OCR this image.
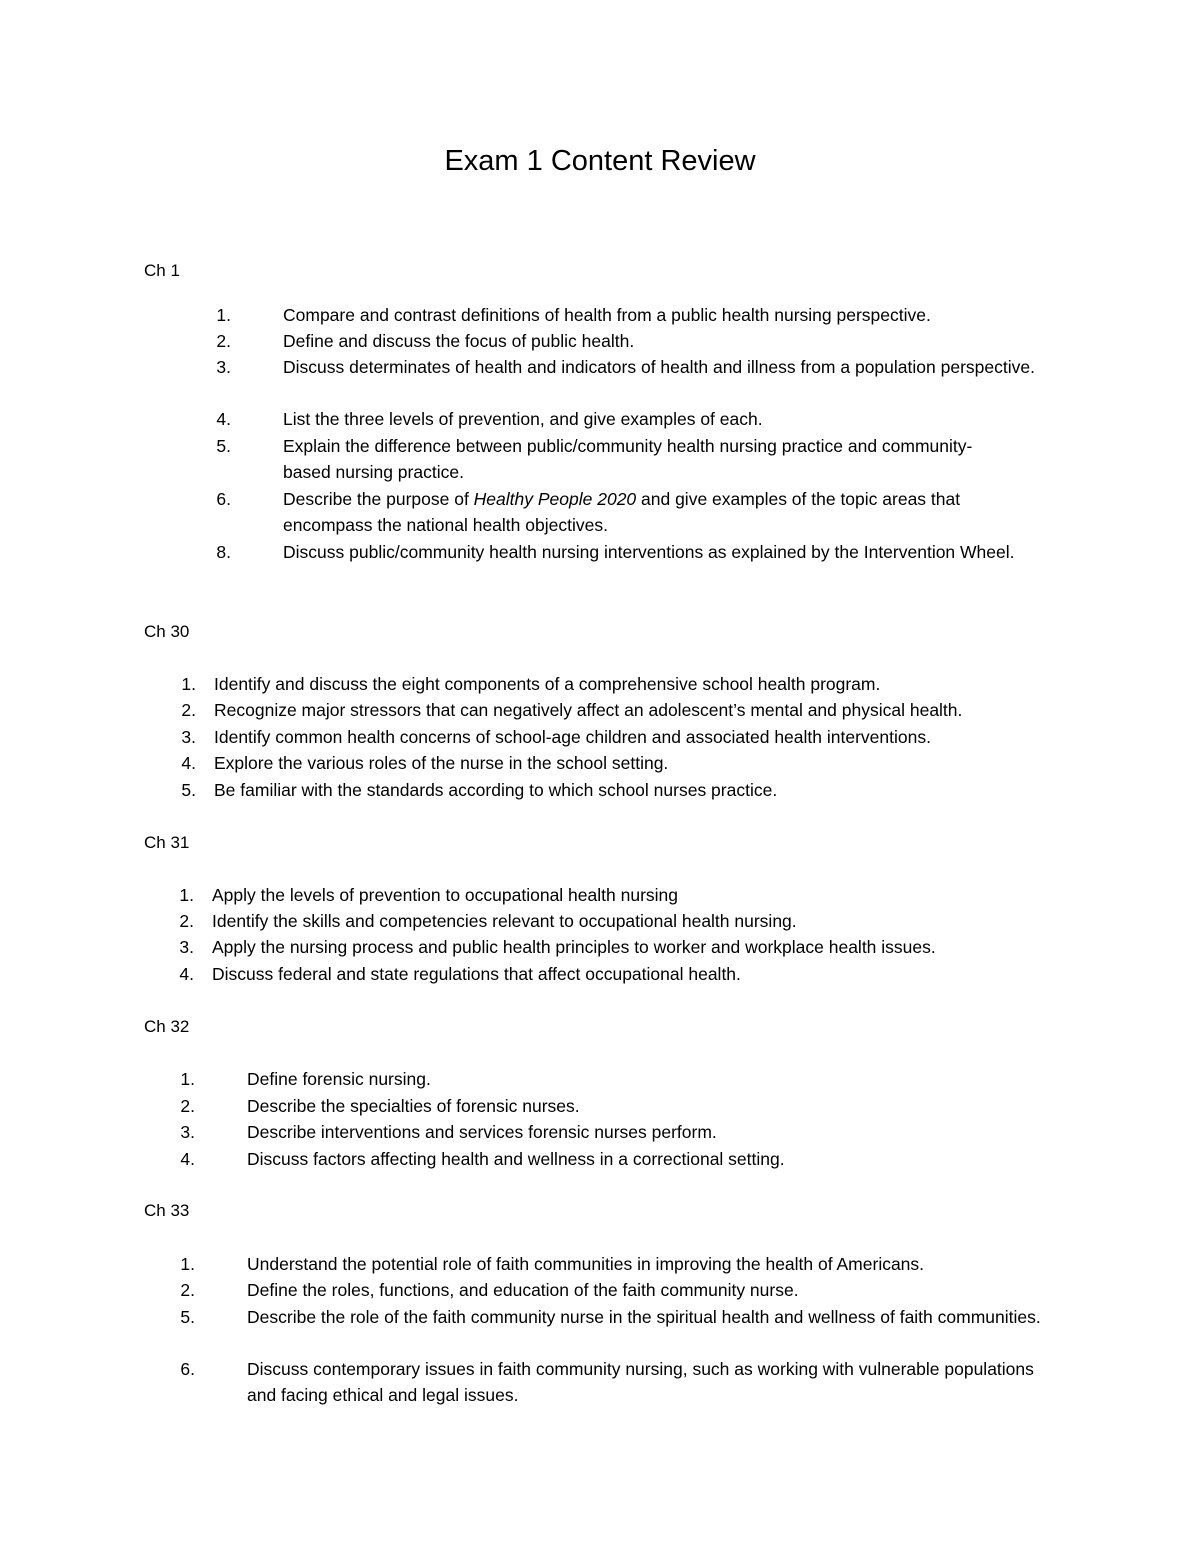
Exam 1 Content Review
Ch 1
1.	Compare and contrast definitions of health from a public health nursing perspective.
2.	Define and discuss the focus of public health.
3.	Discuss determinates of health and indicators of health and illness from a population perspective.
4.	List the three levels of prevention, and give examples of each.
5.	Explain the difference between public/community health nursing practice and community-based nursing practice.
6.	Describe the purpose of Healthy People 2020 and give examples of the topic areas that encompass the national health objectives.
8.	Discuss public/community health nursing interventions as explained by the Intervention Wheel.
Ch 30
1. Identify and discuss the eight components of a comprehensive school health program.
2. Recognize major stressors that can negatively affect an adolescent’s mental and physical health.
3. Identify common health concerns of school-age children and associated health interventions.
4. Explore the various roles of the nurse in the school setting.
5. Be familiar with the standards according to which school nurses practice.
Ch 31
1. Apply the levels of prevention to occupational health nursing
2. Identify the skills and competencies relevant to occupational health nursing.
3. Apply the nursing process and public health principles to worker and workplace health issues.
4. Discuss federal and state regulations that affect occupational health.
Ch 32
1.	Define forensic nursing.
2.	Describe the specialties of forensic nurses.
3.	Describe interventions and services forensic nurses perform.
4.	Discuss factors affecting health and wellness in a correctional setting.
Ch 33
1.	Understand the potential role of faith communities in improving the health of Americans.
2.	Define the roles, functions, and education of the faith community nurse.
5.	Describe the role of the faith community nurse in the spiritual health and wellness of faith communities.
6.	Discuss contemporary issues in faith community nursing, such as working with vulnerable populations and facing ethical and legal issues.
